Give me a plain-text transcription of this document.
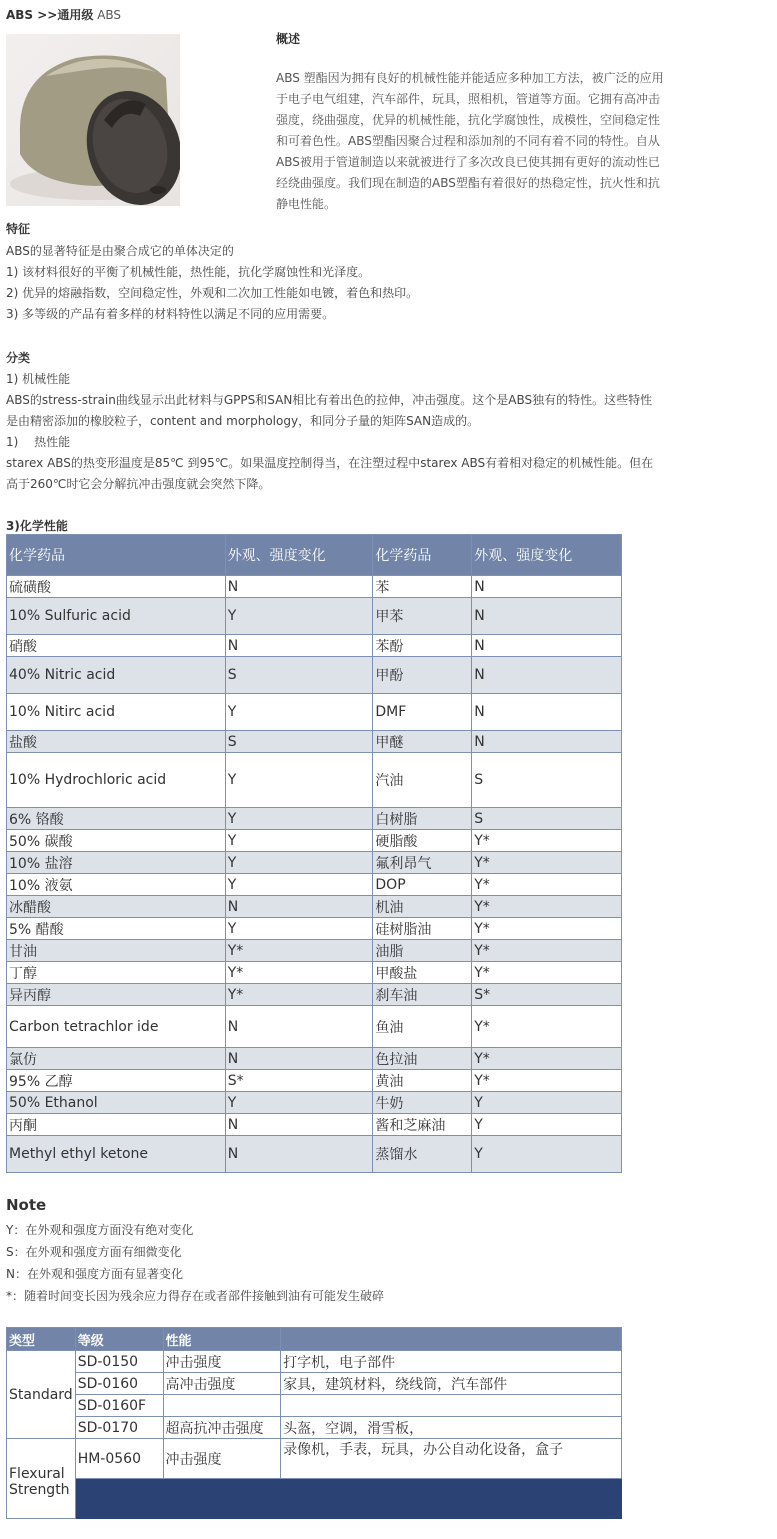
ABS >>通用级 ABS
概述
ABS 塑酯因为拥有良好的机械性能并能适应多种加工方法，被广泛的应用于电子电气组建，汽车部件，玩具，照相机，管道等方面。它拥有高冲击强度，绕曲强度，优异的机械性能，抗化学腐蚀性，成模性，空间稳定性和可着色性。ABS塑酯因聚合过程和添加剂的不同有着不同的特性。自从ABS被用于管道制造以来就被进行了多次改良已使其拥有更好的流动性已经绕曲强度。我们现在制造的ABS塑酯有着很好的热稳定性，抗火性和抗静电性能。
特征
ABS的显著特征是由聚合成它的单体决定的
1) 该材料很好的平衡了机械性能，热性能，抗化学腐蚀性和光泽度。
2) 优异的熔融指数，空间稳定性，外观和二次加工性能如电镀，着色和热印。
3) 多等级的产品有着多样的材料特性以满足不同的应用需要。
分类
1) 机械性能
ABS的stress-strain曲线显示出此材料与GPPS和SAN相比有着出色的拉伸，冲击强度。这个是ABS独有的特性。这些特性
是由精密添加的橡胶粒子，content and morphology，和同分子量的矩阵SAN造成的。
1)　 热性能
starex ABS的热变形温度是85℃ 到95℃。如果温度控制得当，在注塑过程中starex ABS有着相对稳定的机械性能。但在
高于260℃时它会分解抗冲击强度就会突然下降。
3)化学性能
化学药品	外观、强度变化	化学药品	外观、强度变化
硫磺酸	N	苯	N
10% Sulfuric acid	Y	甲苯	N
硝酸	N	苯酚	N
40% Nitric acid	S	甲酚	N
10% Nitirc acid	Y	DMF	N
盐酸	S	甲醚	N
10% Hydrochloric acid	Y	汽油	S
6% 铬酸	Y	白树脂	S
50% 碳酸	Y	硬脂酸	Y*
10% 盐溶	Y	氟利昂气	Y*
10% 液氨	Y	DOP	Y*
冰醋酸	N	机油	Y*
5% 醋酸	Y	硅树脂油	Y*
甘油	Y*	油脂	Y*
丁醇	Y*	甲酸盐	Y*
异丙醇	Y*	刹车油	S*
Carbon tetrachlor ide	N	鱼油	Y*
氯仿	N	色拉油	Y*
95% 乙醇	S*	黄油	Y*
50% Ethanol	Y	牛奶	Y
丙酮	N	酱和芝麻油	Y
Methyl ethyl ketone	N	蒸馏水	Y
Note
Y：在外观和强度方面没有绝对变化
S：在外观和强度方面有细微变化
N：在外观和强度方面有显著变化
*：随着时间变长因为残余应力得存在或者部件接触到油有可能发生破碎
类型	等级	性能	
Standard	SD-0150	冲击强度	打字机，电子部件
	SD-0160	高冲击强度	家具，建筑材料，绕线筒，汽车部件
	SD-0160F		
	SD-0170	超高抗冲击强度	头盔，空调，滑雪板，
Flexural Strength	HM-0560	冲击强度	录像机，手表，玩具，办公自动化设备，盒子
